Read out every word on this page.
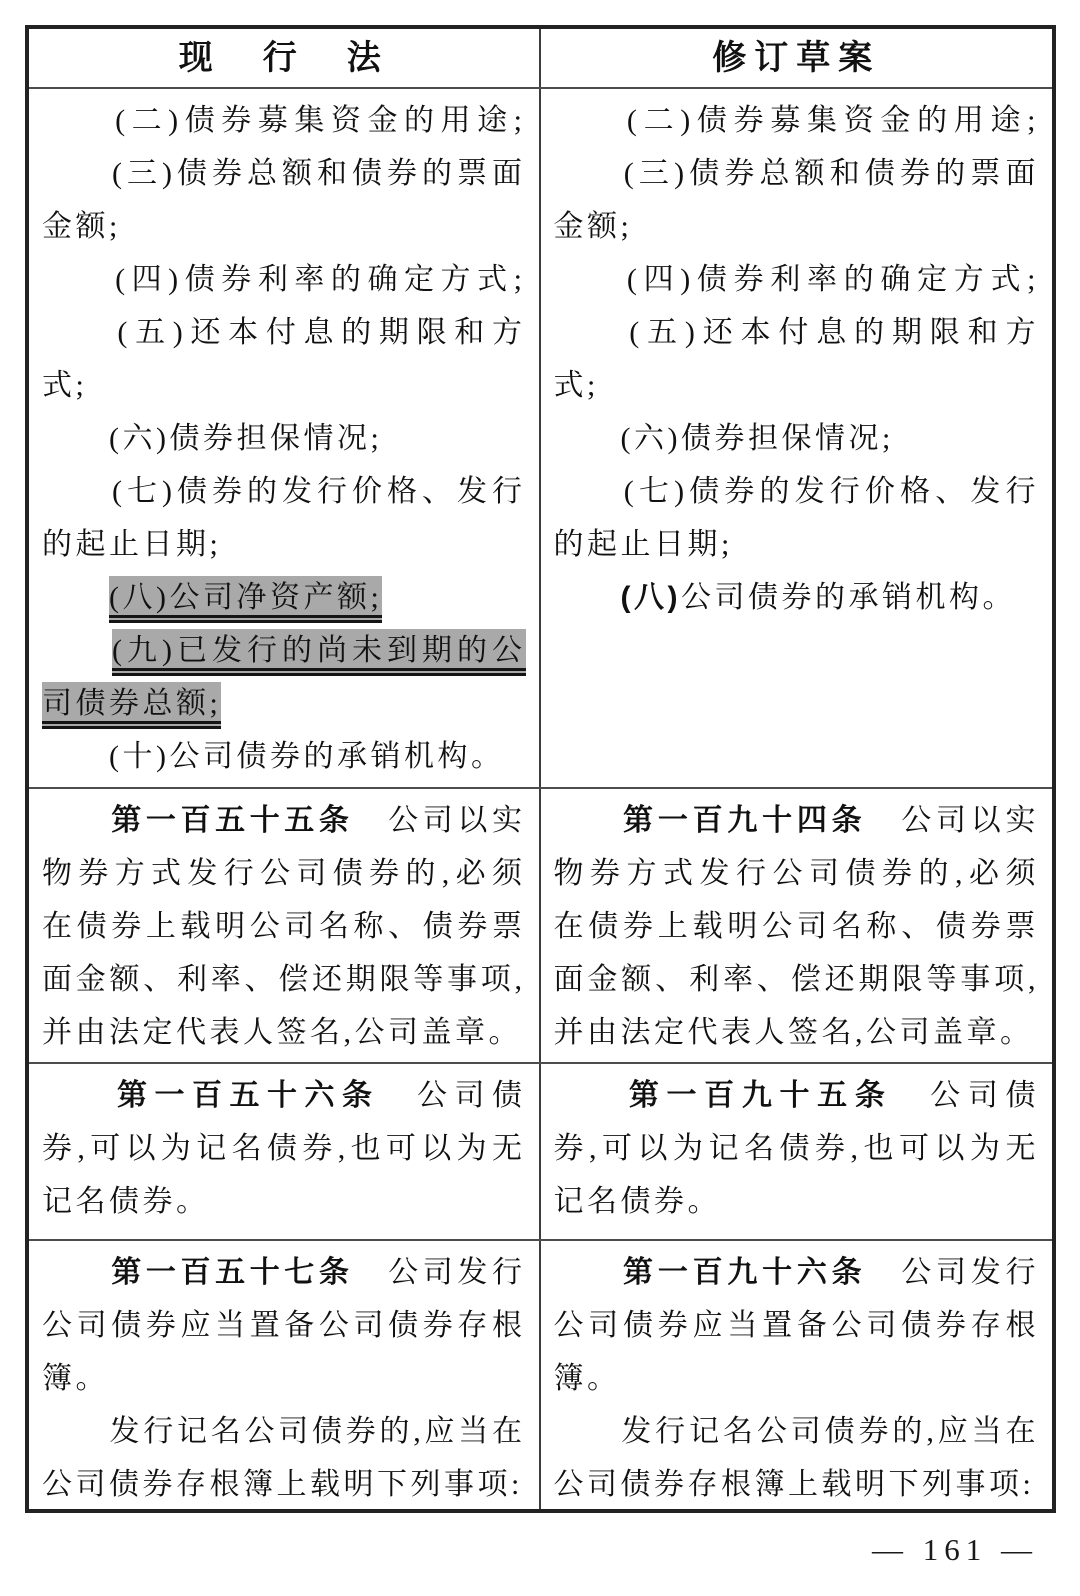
现　行　法	修订草案
　　(二)债券募集资金的用途;
　　(三)债券总额和债券的票面
金额;
　　(四)债券利率的确定方式;
　　(五)还本付息的期限和方
式;
　　(六)债券担保情况;
　　(七)债券的发行价格、发行
的起止日期;
　　(八)公司净资产额;
　　(九)已发行的尚未到期的公
司债券总额;
　　(十)公司债券的承销机构。
　　(二)债券募集资金的用途;
　　(三)债券总额和债券的票面
金额;
　　(四)债券利率的确定方式;
　　(五)还本付息的期限和方
式;
　　(六)债券担保情况;
　　(七)债券的发行价格、发行
的起止日期;
　　(八)公司债券的承销机构。
　　第一百五十五条　公司以实
物券方式发行公司债券的,必须
在债券上载明公司名称、债券票
面金额、利率、偿还期限等事项,
并由法定代表人签名,公司盖章。
　　第一百九十四条　公司以实
物券方式发行公司债券的,必须
在债券上载明公司名称、债券票
面金额、利率、偿还期限等事项,
并由法定代表人签名,公司盖章。
　　第一百五十六条　公司债
券,可以为记名债券,也可以为无
记名债券。
　　第一百九十五条　公司债
券,可以为记名债券,也可以为无
记名债券。
　　第一百五十七条　公司发行
公司债券应当置备公司债券存根
簿。
　　发行记名公司债券的,应当在
公司债券存根簿上载明下列事项:
　　第一百九十六条　公司发行
公司债券应当置备公司债券存根
簿。
　　发行记名公司债券的,应当在
公司债券存根簿上载明下列事项:
— 161 —
